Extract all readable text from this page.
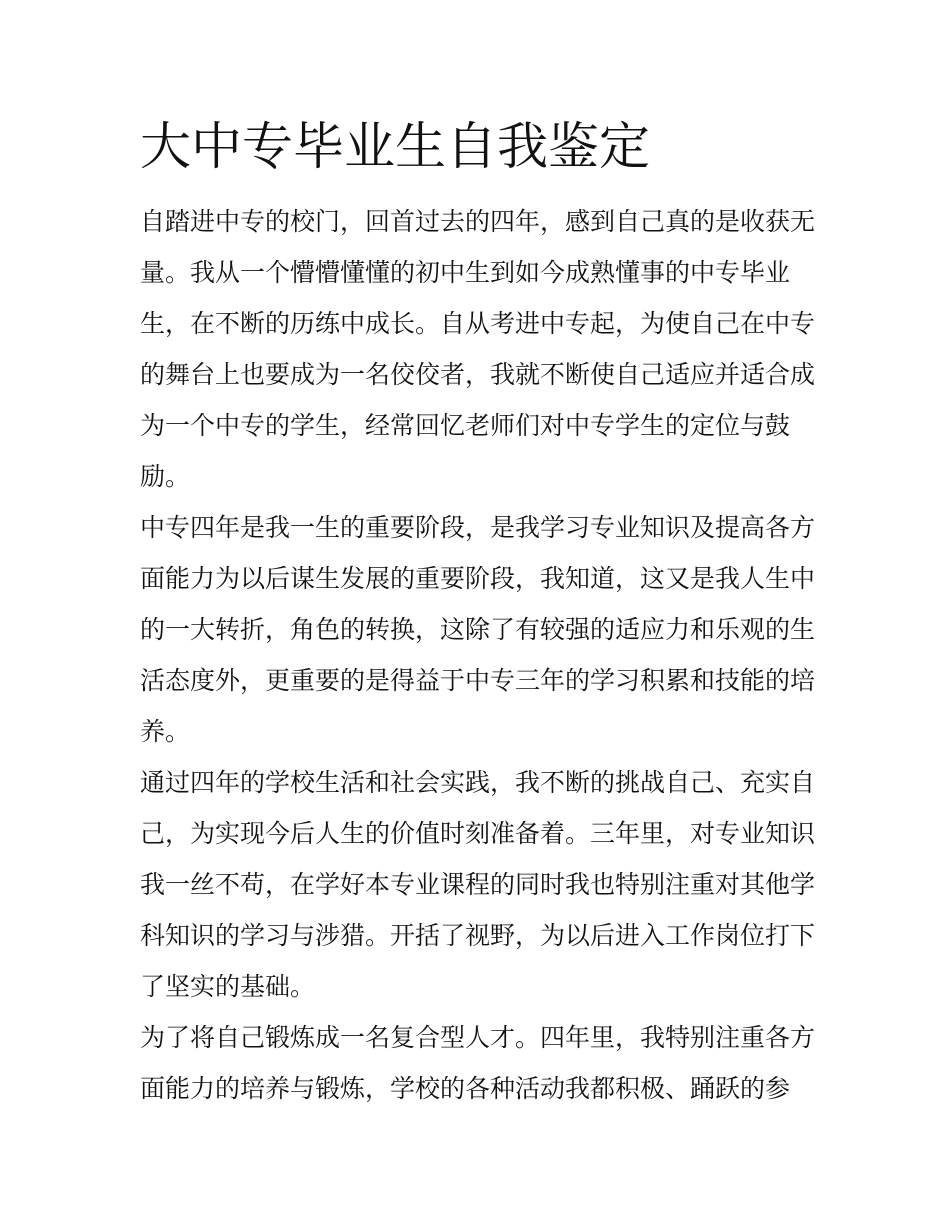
大中专毕业生自我鉴定
自踏进中专的校门，回首过去的四年，感到自己真的是收获无
量。我从一个懵懵懂懂的初中生到如今成熟懂事的中专毕业
生，在不断的历练中成长。自从考进中专起，为使自己在中专
的舞台上也要成为一名佼佼者，我就不断使自己适应并适合成
为一个中专的学生，经常回忆老师们对中专学生的定位与鼓
励。
中专四年是我一生的重要阶段，是我学习专业知识及提高各方
面能力为以后谋生发展的重要阶段，我知道，这又是我人生中
的一大转折，角色的转换，这除了有较强的适应力和乐观的生
活态度外，更重要的是得益于中专三年的学习积累和技能的培
养。
通过四年的学校生活和社会实践，我不断的挑战自己、充实自
己，为实现今后人生的价值时刻准备着。三年里，对专业知识
我一丝不苟，在学好本专业课程的同时我也特别注重对其他学
科知识的学习与涉猎。开括了视野，为以后进入工作岗位打下
了坚实的基础。
为了将自己锻炼成一名复合型人才。四年里，我特别注重各方
面能力的培养与锻炼，学校的各种活动我都积极、踊跃的参
